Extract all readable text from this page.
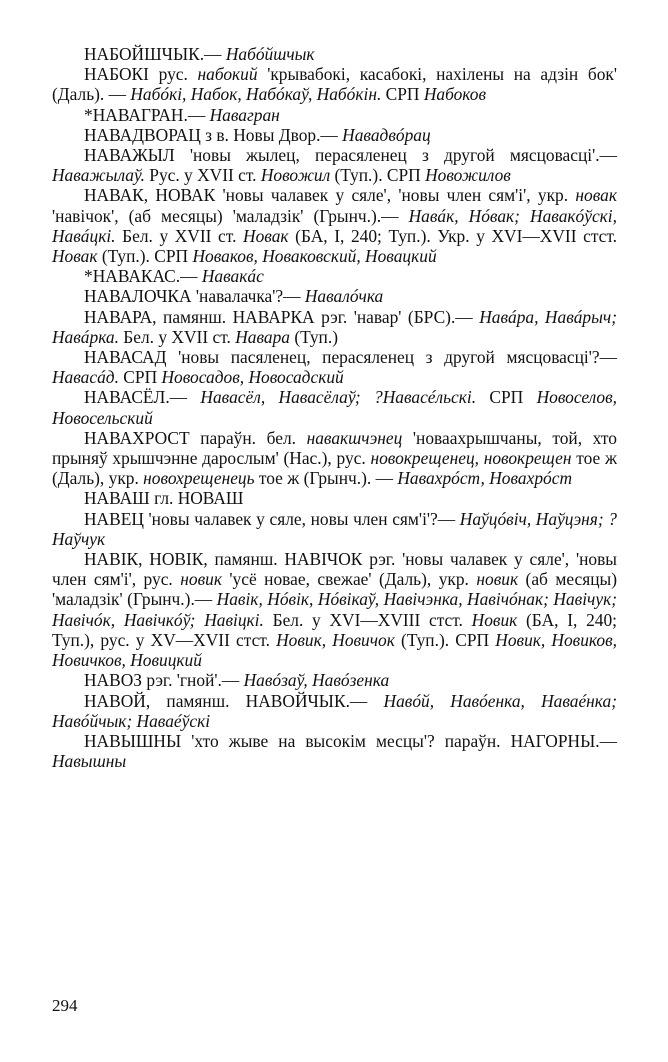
НАБОЙШЧЫК.— Набóйшчык

НАБОКІ рус. набокий 'крывабокі, касабокі, нахілены на адзін бок' (Даль). — Набóкі, Набок, Набóкаў, Набóкін. СРП Набоков

*НАВАГРАН.— Навагран

НАВАДВОРАЦ з в. Новы Двор.— Навадвóрац

НАВАЖЫЛ 'новы жылец, перасяленец з другой мясцовасці'.— Навaжылаў. Рус. у XVII ст. Новожил (Туп.). СРП Новожилов

НАВАК, НОВАК 'новы чалавек у сяле', 'новы член сям'і', укр. новак 'навічок', (аб месяцы) 'маладзік' (Грынч.).— Навáк, Нóвак; Навакóўскі, Навáцкі. Бел. у XVII ст. Новак (БА, І, 240; Туп.). Укр. у XVI—XVII стст. Новак (Туп.). СРП Новаков, Новаковский, Новацкий

*НАВАКАС.— Навакáс

НАВАЛОЧКА 'навалачка'?— Навалóчка

НАВАРА, памянш. НАВАРКА рэг. 'навар' (БРС).— Навáра, Навáрыч; Навáрка. Бел. у XVII ст. Навара (Туп.)

НАВАСАД 'новы пасяленец, перасяленец з другой мясцовасці'?— Навасáд. СРП Новосадов, Новосадский

НАВАСЁЛ.— Навасёл, Навасёлаў; ?Навасéльскі. СРП Новоселов, Новосельский

НАВАХРОСТ параўн. бел. навакшчэнец 'новаахрышчаны, той, хто прыняў хрышчэнне дарослым' (Нас.), рус. новокрещенец, новокрещен тое ж (Даль), укр. новохрещенець тое ж (Грынч.). — Навахрóст, Новахрóст

НАВАШ гл. НОВАШ

НАВЕЦ 'новы чалавек у сяле, новы член сям'і'?— Наўцóвіч, Наўцэня; ?Наўчук

НАВІК, НОВІК, памянш. НАВІЧОК рэг. 'новы чалавек у сяле', 'новы член сям'і', рус. новик 'усё новае, свежае' (Даль), укр. новик (аб месяцы) 'маладзік' (Грынч.).— Навік, Нóвік, Нóвікаў, Навічэнка, Навічóнак; Навічук; Навічóк, Навічкóў; Навіцкі. Бел. у XVI—XVIII стст. Новик (БА, І, 240; Туп.), рус. у XV—XVII стст. Новик, Новичок (Туп.). СРП Новик, Новиков, Новичков, Новицкий

НАВОЗ рэг. 'гной'.— Навóзаў, Навóзенка

НАВОЙ, памянш. НАВОЙЧЫК.— Навóй, Навóенка, Наваéнка; Навóйчык; Наваéўскі

НАВЫШНЫ 'хто жыве на высокім месцы'? параўн. НАГОРНЫ.—Навышны

294
